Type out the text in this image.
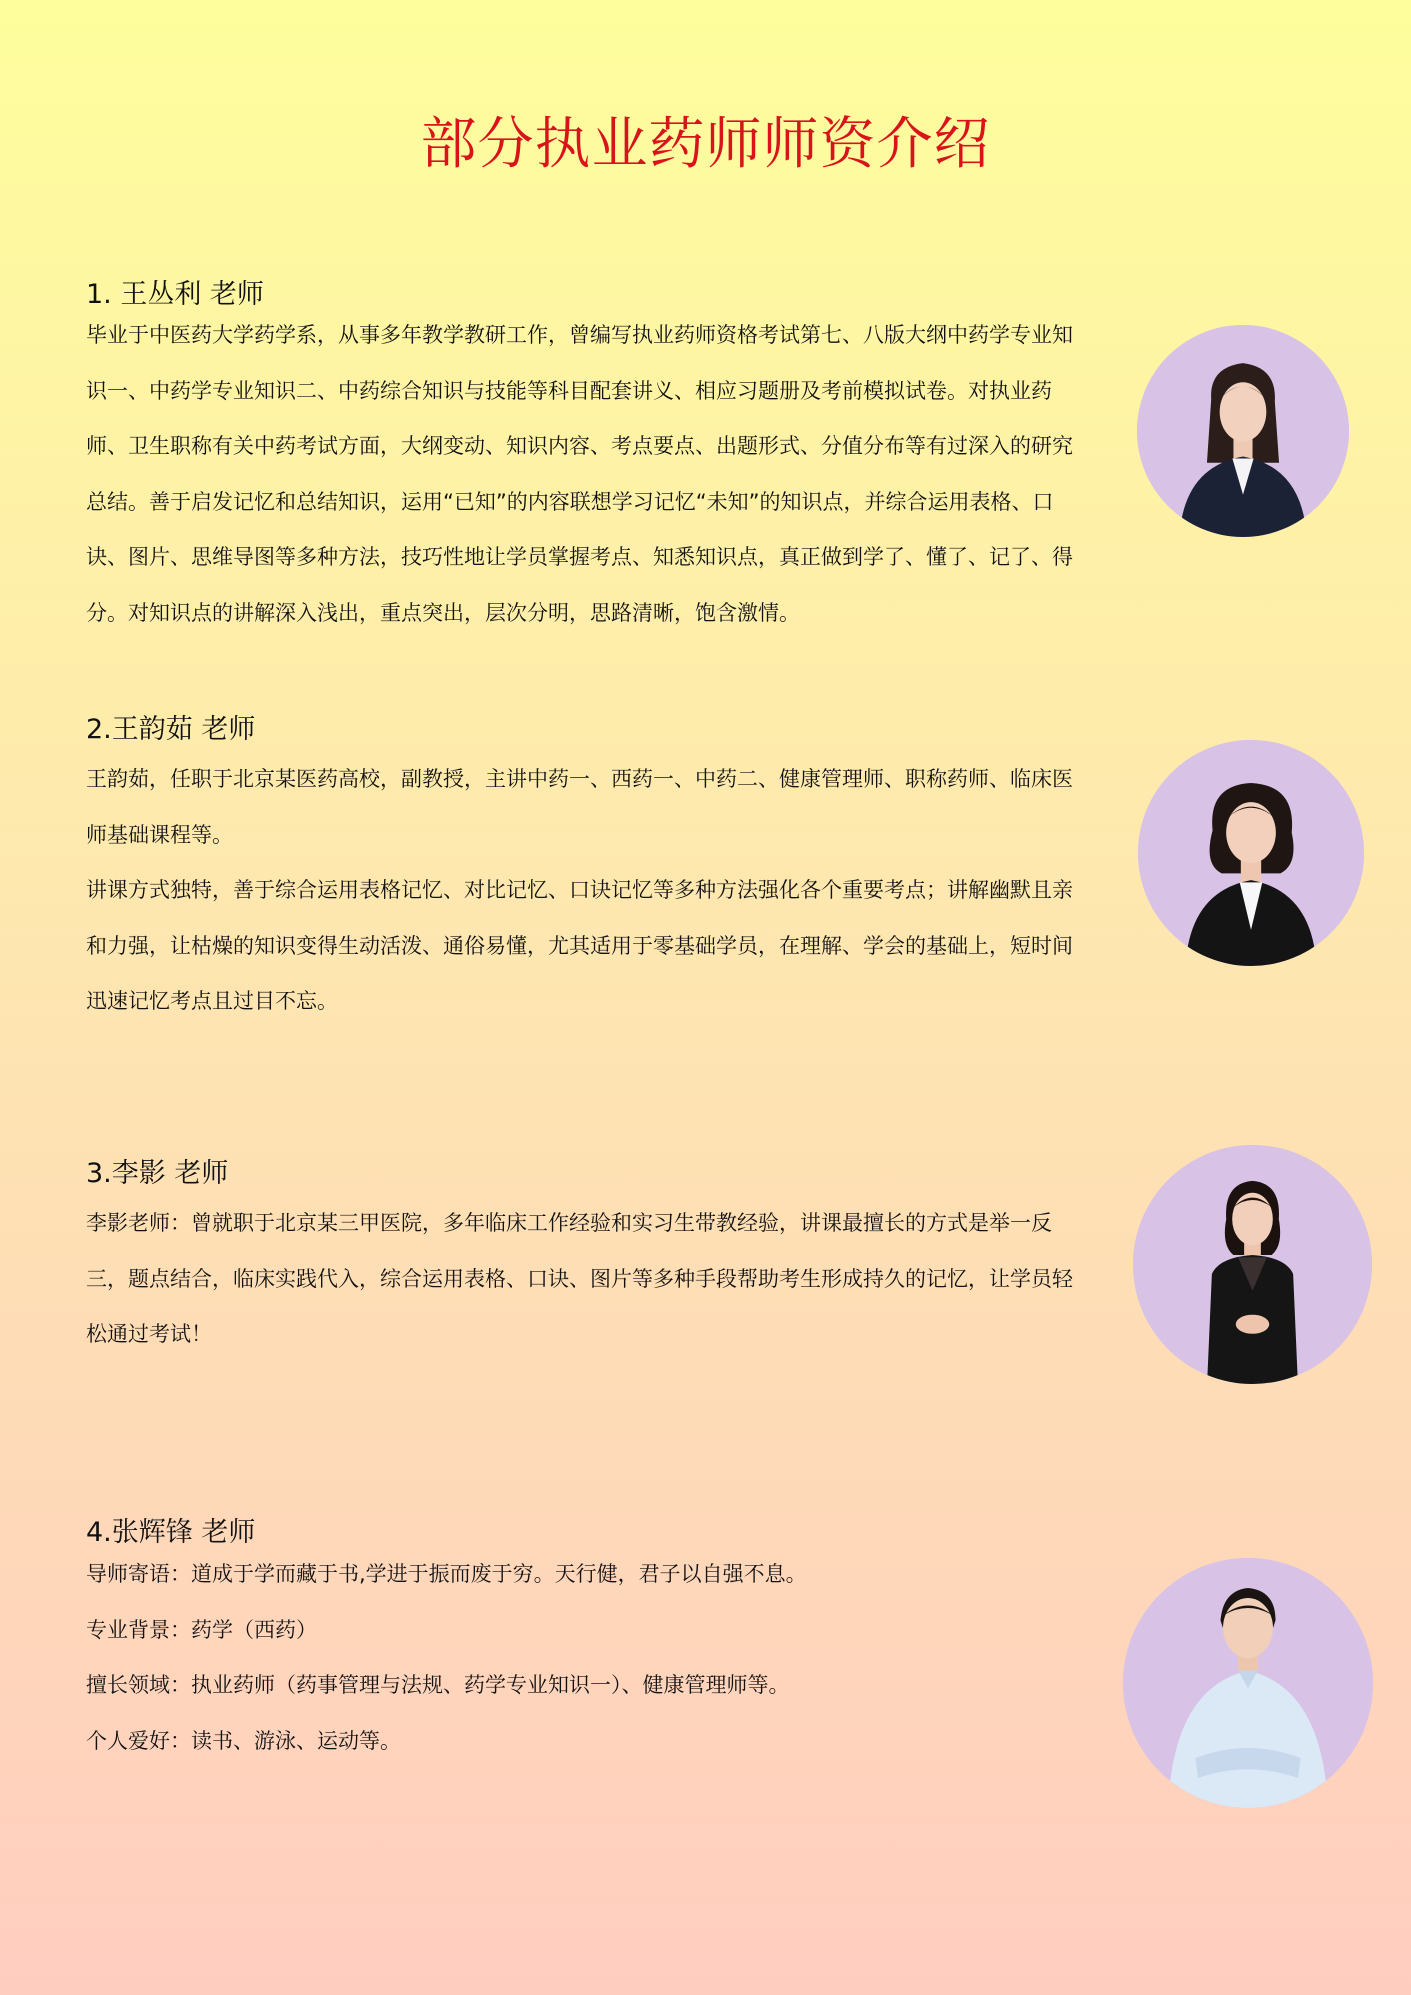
部分执业药师师资介绍
1. 王丛利 老师

毕业于中医药大学药学系，从事多年教学教研工作，曾编写执业药师资格考试第七、八版大纲中药学专业知识一、中药学专业知识二、中药综合知识与技能等科目配套讲义、相应习题册及考前模拟试卷。对执业药师、卫生职称有关中药考试方面，大纲变动、知识内容、考点要点、出题形式、分值分布等有过深入的研究总结。善于启发记忆和总结知识，运用“已知”的内容联想学习记忆“未知”的知识点，并综合运用表格、口诀、图片、思维导图等多种方法，技巧性地让学员掌握考点、知悉知识点，真正做到学了、懂了、记了、得分。对知识点的讲解深入浅出，重点突出，层次分明，思路清晰，饱含激情。

2.王韵茹 老师

王韵茹，任职于北京某医药高校，副教授，主讲中药一、西药一、中药二、健康管理师、职称药师、临床医师基础课程等。

讲课方式独特，善于综合运用表格记忆、对比记忆、口诀记忆等多种方法强化各个重要考点；讲解幽默且亲和力强，让枯燥的知识变得生动活泼、通俗易懂，尤其适用于零基础学员，在理解、学会的基础上，短时间迅速记忆考点且过目不忘。

3.李影 老师

李影老师：曾就职于北京某三甲医院，多年临床工作经验和实习生带教经验，讲课最擅长的方式是举一反三，题点结合，临床实践代入，综合运用表格、口诀、图片等多种手段帮助考生形成持久的记忆，让学员轻松通过考试！

4.张辉锋 老师

导师寄语：道成于学而藏于书,学进于振而废于穷。天行健，君子以自强不息。

专业背景：药学（西药）

擅长领域：执业药师（药事管理与法规、药学专业知识一）、健康管理师等。

个人爱好：读书、游泳、运动等。
